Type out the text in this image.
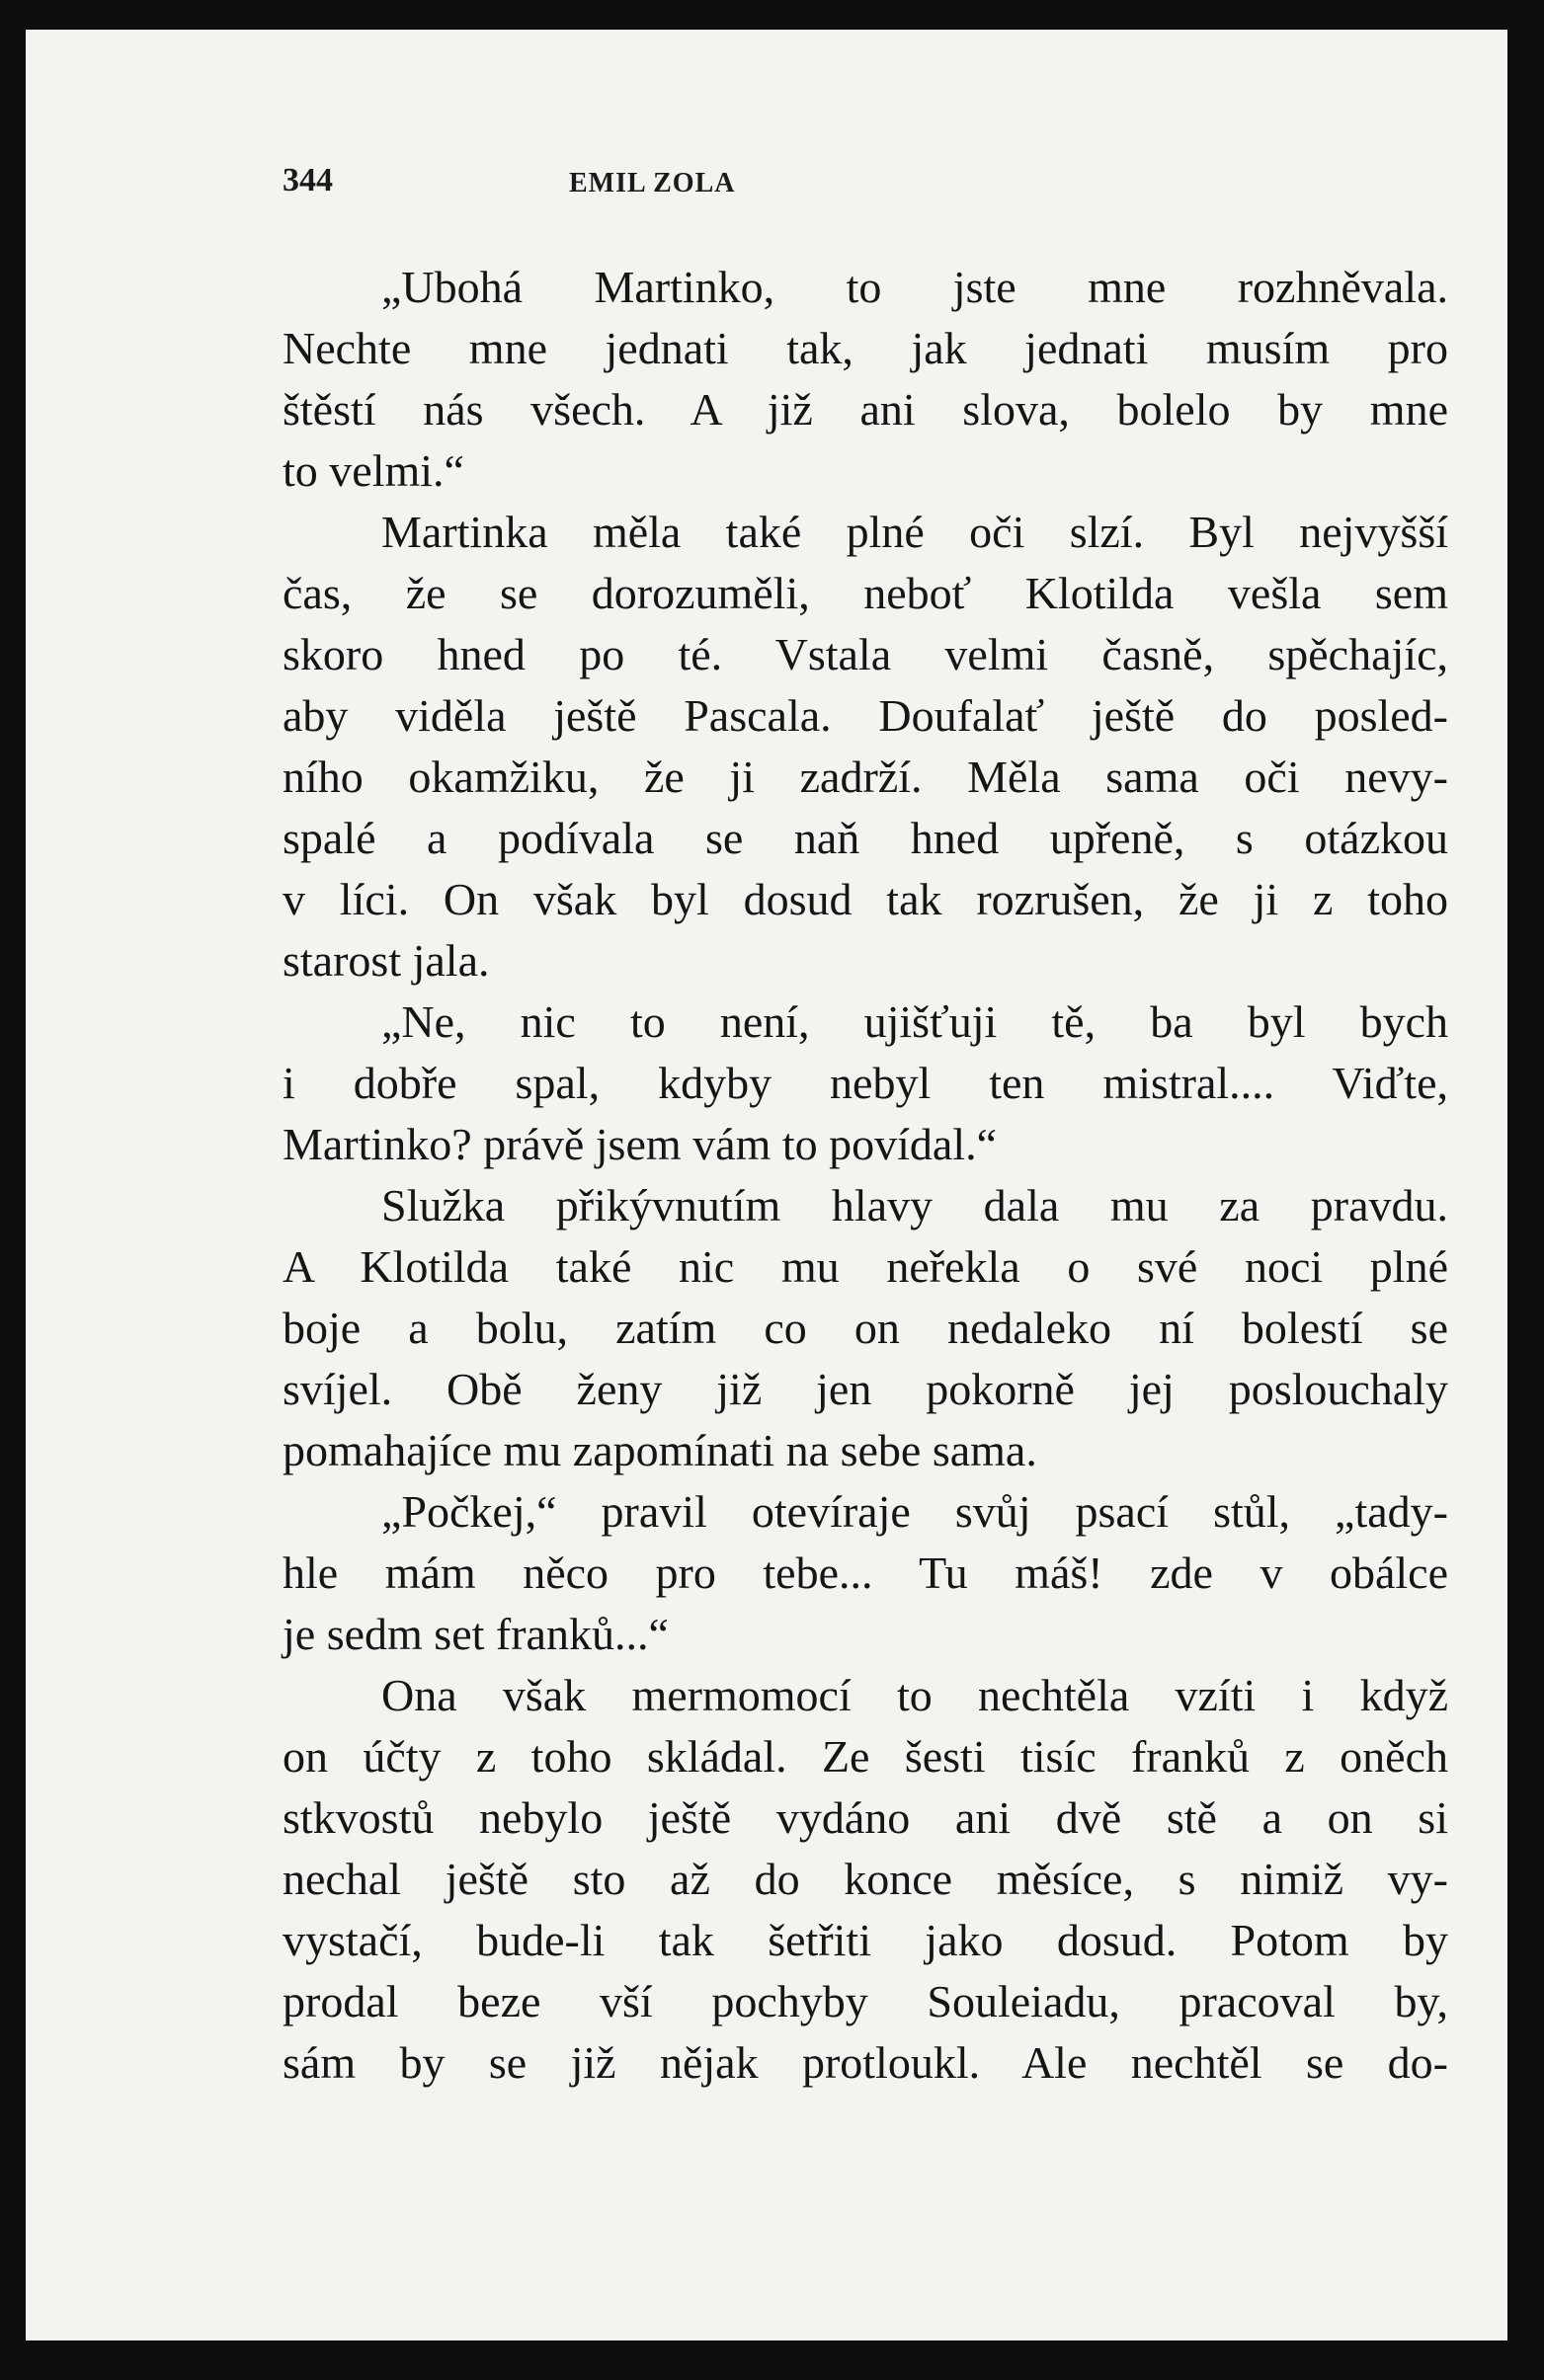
344	EMIL ZOLA
„Ubohá Martinko, to jste mne rozhněvala.
Nechte mne jednati tak, jak jednati musím pro
štěstí nás všech. A již ani slova, bolelo by mne
to velmi.“
Martinka měla také plné oči slzí. Byl nejvyšší
čas, že se dorozuměli, neboť Klotilda vešla sem
skoro hned po té. Vstala velmi časně, spěchajíc,
aby viděla ještě Pascala. Doufalať ještě do posled-
ního okamžiku, že ji zadrží. Měla sama oči nevy-
spalé a podívala se naň hned upřeně, s otázkou
v líci. On však byl dosud tak rozrušen, že ji z toho
starost jala.
„Ne, nic to není, ujišťuji tě, ba byl bych
i dobře spal, kdyby nebyl ten mistral.... Viďte,
Martinko? právě jsem vám to povídal.“
Služka přikývnutím hlavy dala mu za pravdu.
A Klotilda také nic mu neřekla o své noci plné
boje a bolu, zatím co on nedaleko ní bolestí se
svíjel. Obě ženy již jen pokorně jej poslouchaly
pomahajíce mu zapomínati na sebe sama.
„Počkej,“ pravil otevíraje svůj psací stůl, „tady-
hle mám něco pro tebe... Tu máš! zde v obálce
je sedm set franků...“
Ona však mermomocí to nechtěla vzíti i když
on účty z toho skládal. Ze šesti tisíc franků z oněch
stkvostů nebylo ještě vydáno ani dvě stě a on si
nechal ještě sto až do konce měsíce, s nimiž vy-
vystačí, bude-li tak šetřiti jako dosud. Potom by
prodal beze vší pochyby Souleiadu, pracoval by,
sám by se již nějak protloukl. Ale nechtěl se do-
